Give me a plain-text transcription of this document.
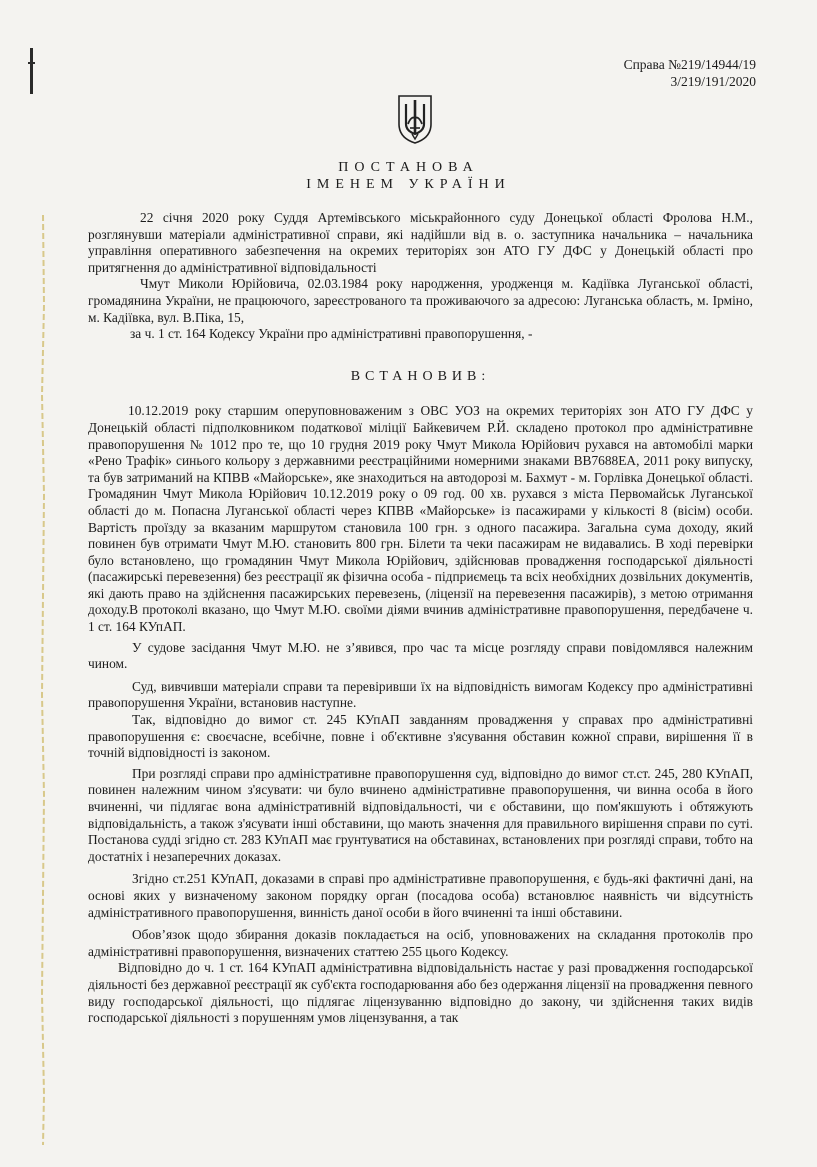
Справа №219/14944/19
3/219/191/2020
ПОСТАНОВА
ІМЕНЕМ УКРАЇНИ

22 січня 2020 року Суддя Артемівського міськрайонного суду Донецької області Фролова Н.М., розглянувши матеріали адміністративної справи, які надійшли від в. о. заступника начальника – начальника управління оперативного забезпечення на окремих територіях зон АТО ГУ ДФС у Донецькій області про притягнення до адміністративної відповідальності

Чмут Миколи Юрійовича, 02.03.1984 року народження, уродженця м. Кадіївка Луганської області, громадянина України, не працюючого, зареєстрованого та проживаючого за адресою: Луганська область, м. Ірміно, м. Кадіївка, вул. В.Піка, 15,

за ч. 1 ст. 164 Кодексу України про адміністративні правопорушення, -

ВСТАНОВИВ:

10.12.2019 року старшим оперуповноваженим з ОВС УОЗ на окремих територіях зон АТО ГУ ДФС у Донецькій області підполковником податкової міліції Байкевичем Р.Й. складено протокол про адміністративне правопорушення № 1012 про те, що 10 грудня 2019 року Чмут Микола Юрійович рухався на автомобілі марки «Рено Трафік» синього кольору з державними реєстраційними номерними знаками ВВ7688ЕА, 2011 року випуску, та був затриманий на КПВВ «Майорське», яке знаходиться на автодорозі м. Бахмут - м. Горлівка Донецької області. Громадянин Чмут Микола Юрійович 10.12.2019 року о 09 год. 00 хв. рухався з міста Первомайськ Луганської області до м. Попасна Луганської області через КПВВ «Майорське» із пасажирами у кількості 8 (вісім) особи. Вартість проїзду за вказаним маршрутом становила 100 грн. з одного пасажира. Загальна сума доходу, який повинен був отримати Чмут М.Ю. становить 800 грн. Білети та чеки пасажирам не видавались. В ході перевірки було встановлено, що громадянин Чмут Микола Юрійович, здійснював провадження господарської діяльності (пасажирські перевезення) без реєстрації як фізична особа - підприємець та всіх необхідних дозвільних документів, які дають право на здійснення пасажирських перевезень, (ліцензії на перевезення пасажирів), з метою отримання доходу.В протоколі вказано, що Чмут М.Ю. своїми діями вчинив адміністративне правопорушення, передбачене ч. 1 ст. 164 КУпАП.

У судове засідання Чмут М.Ю. не з’явився, про час та місце розгляду справи повідомлявся належним чином.

Суд, вивчивши матеріали справи та перевіривши їх на відповідність вимогам Кодексу про адміністративні правопорушення України, встановив наступне.

Так, відповідно до вимог ст. 245 КУпАП завданням провадження у справах про адміністративні правопорушення є: своєчасне, всебічне, повне і об'єктивне з'ясування обставин кожної справи, вирішення її в точній відповідності із законом.

При розгляді справи про адміністративне правопорушення суд, відповідно до вимог ст.ст. 245, 280 КУпАП, повинен належним чином з'ясувати: чи було вчинено адміністративне правопорушення, чи винна особа в його вчиненні, чи підлягає вона адміністративній відповідальності, чи є обставини, що пом'якшують і обтяжують відповідальність, а також з'ясувати інші обставини, що мають значення для правильного вирішення справи по суті. Постанова судді згідно ст. 283 КУпАП має грунтуватися на обставинах, встановлених при розгляді справи, тобто на достатніх і незаперечних доказах.

Згідно ст.251 КУпАП, доказами в справі про адміністративне правопорушення, є будь-які фактичні дані, на основі яких у визначеному законом порядку орган (посадова особа) встановлює наявність чи відсутність адміністративного правопорушення, винність даної особи в його вчиненні та інші обставини.

Обов’язок щодо збирання доказів покладається на осіб, уповноважених на складання протоколів про адміністративні правопорушення, визначених статтею 255 цього Кодексу.

Відповідно до ч. 1 ст. 164 КУпАП адміністративна відповідальність настає у разі провадження господарської діяльності без державної реєстрації як суб'єкта господарювання або без одержання ліцензії на провадження певного виду господарської діяльності, що підлягає ліцензуванню відповідно до закону, чи здійснення таких видів господарської діяльності з порушенням умов ліцензування, а так
